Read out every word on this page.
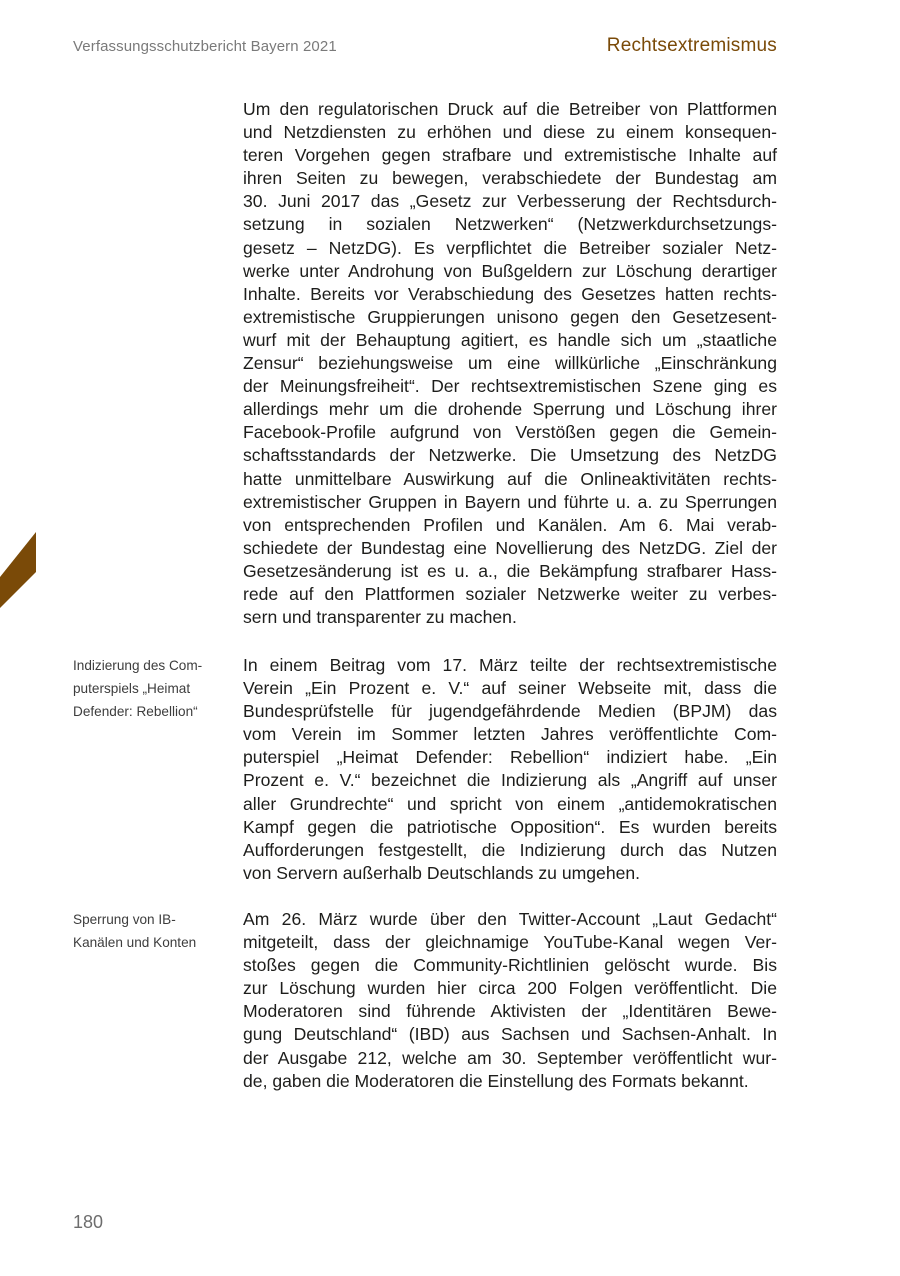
Verfassungsschutzbericht Bayern 2021	Rechtsextremismus
Um den regulatorischen Druck auf die Betreiber von Plattformen
und Netzdiensten zu erhöhen und diese zu einem konsequen-
teren Vorgehen gegen strafbare und extremistische Inhalte auf
ihren Seiten zu bewegen, verabschiedete der Bundestag am
30. Juni 2017 das „Gesetz zur Verbesserung der Rechtsdurch-
setzung in sozialen Netzwerken“ (Netzwerkdurchsetzungs-
gesetz – NetzDG). Es verpflichtet die Betreiber sozialer Netz-
werke unter Androhung von Bußgeldern zur Löschung derartiger
Inhalte. Bereits vor Verabschiedung des Gesetzes hatten rechts-
extremistische Gruppierungen unisono gegen den Gesetzesent-
wurf mit der Behauptung agitiert, es handle sich um „staatliche
Zensur“ beziehungsweise um eine willkürliche „Einschränkung
der Meinungsfreiheit“. Der rechtsextremistischen Szene ging es
allerdings mehr um die drohende Sperrung und Löschung ihrer
Facebook-Profile aufgrund von Verstößen gegen die Gemein-
schaftsstandards der Netzwerke. Die Umsetzung des NetzDG
hatte unmittelbare Auswirkung auf die Onlineaktivitäten rechts-
extremistischer Gruppen in Bayern und führte u. a. zu Sperrungen
von entsprechenden Profilen und Kanälen. Am 6. Mai verab-
schiedete der Bundestag eine Novellierung des NetzDG. Ziel der
Gesetzesänderung ist es u. a., die Bekämpfung strafbarer Hass-
rede auf den Plattformen sozialer Netzwerke weiter zu verbes-
sern und transparenter zu machen.
Indizierung des Com-
puterspiels „Heimat
Defender: Rebellion“
In einem Beitrag vom 17. März teilte der rechtsextremistische
Verein „Ein Prozent e. V.“ auf seiner Webseite mit, dass die
Bundesprüfstelle für jugendgefährdende Medien (BPJM) das
vom Verein im Sommer letzten Jahres veröffentlichte Com-
puterspiel „Heimat Defender: Rebellion“ indiziert habe. „Ein
Prozent e. V.“ bezeichnet die Indizierung als „Angriff auf unser
aller Grundrechte“ und spricht von einem „antidemokratischen
Kampf gegen die patriotische Opposition“. Es wurden bereits
Aufforderungen festgestellt, die Indizierung durch das Nutzen
von Servern außerhalb Deutschlands zu umgehen.
Sperrung von IB-
Kanälen und Konten
Am 26. März wurde über den Twitter-Account „Laut Gedacht“
mitgeteilt, dass der gleichnamige YouTube-Kanal wegen Ver-
stoßes gegen die Community-Richtlinien gelöscht wurde. Bis
zur Löschung wurden hier circa 200 Folgen veröffentlicht. Die
Moderatoren sind führende Aktivisten der „Identitären Bewe-
gung Deutschland“ (IBD) aus Sachsen und Sachsen-Anhalt. In
der Ausgabe 212, welche am 30. September veröffentlicht wur-
de, gaben die Moderatoren die Einstellung des Formats bekannt.
180
